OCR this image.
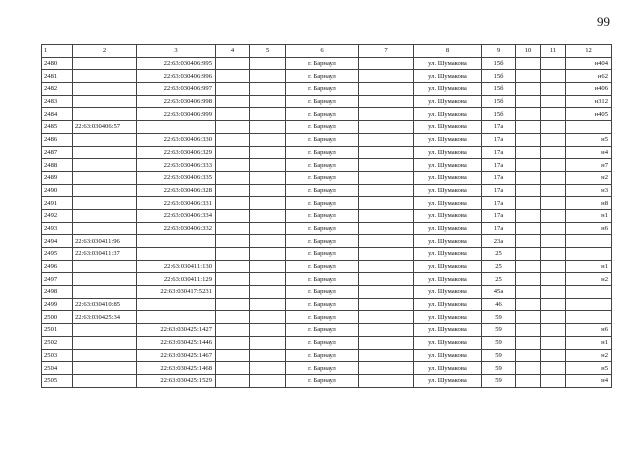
99
1	2	3	4	5	6	7	8	9	10	11	12
2480		22:63:030406:995			г. Барнаул		ул. Шумакова	15б			н404
2481		22:63:030406:996			г. Барнаул		ул. Шумакова	15б			н62
2482		22:63:030406:997			г. Барнаул		ул. Шумакова	15б			н406
2483		22:63:030406:998			г. Барнаул		ул. Шумакова	15б			н312
2484		22:63:030406:999			г. Барнаул		ул. Шумакова	15б			н405
2485	22:63:030406:57				г. Барнаул		ул. Шумакова	17а			
2486		22:63:030406:330			г. Барнаул		ул. Шумакова	17а			н5
2487		22:63:030406:329			г. Барнаул		ул. Шумакова	17а			н4
2488		22:63:030406:333			г. Барнаул		ул. Шумакова	17а			н7
2489		22:63:030406:335			г. Барнаул		ул. Шумакова	17а			н2
2490		22:63:030406:328			г. Барнаул		ул. Шумакова	17а			н3
2491		22:63:030406:331			г. Барнаул		ул. Шумакова	17а			н8
2492		22:63:030406:334			г. Барнаул		ул. Шумакова	17а			н1
2493		22:63:030406:332			г. Барнаул		ул. Шумакова	17а			н6
2494	22:63:030411:96				г. Барнаул		ул. Шумакова	23а			
2495	22:63:030411:37				г. Барнаул		ул. Шумакова	25			
2496		22:63:030411:130			г. Барнаул		ул. Шумакова	25			н1
2497		22:63:030411:129			г. Барнаул		ул. Шумакова	25			н2
2498		22:63:030417:5231			г. Барнаул		ул. Шумакова	45а			
2499	22:63:030410:85				г. Барнаул		ул. Шумакова	46			
2500	22:63:030425:34				г. Барнаул		ул. Шумакова	59			
2501		22:63:030425:1427			г. Барнаул		ул. Шумакова	59			н6
2502		22:63:030425:1446			г. Барнаул		ул. Шумакова	59			н1
2503		22:63:030425:1467			г. Барнаул		ул. Шумакова	59			н2
2504		22:63:030425:1468			г. Барнаул		ул. Шумакова	59			н5
2505		22:63:030425:1529			г. Барнаул		ул. Шумакова	59			н4
